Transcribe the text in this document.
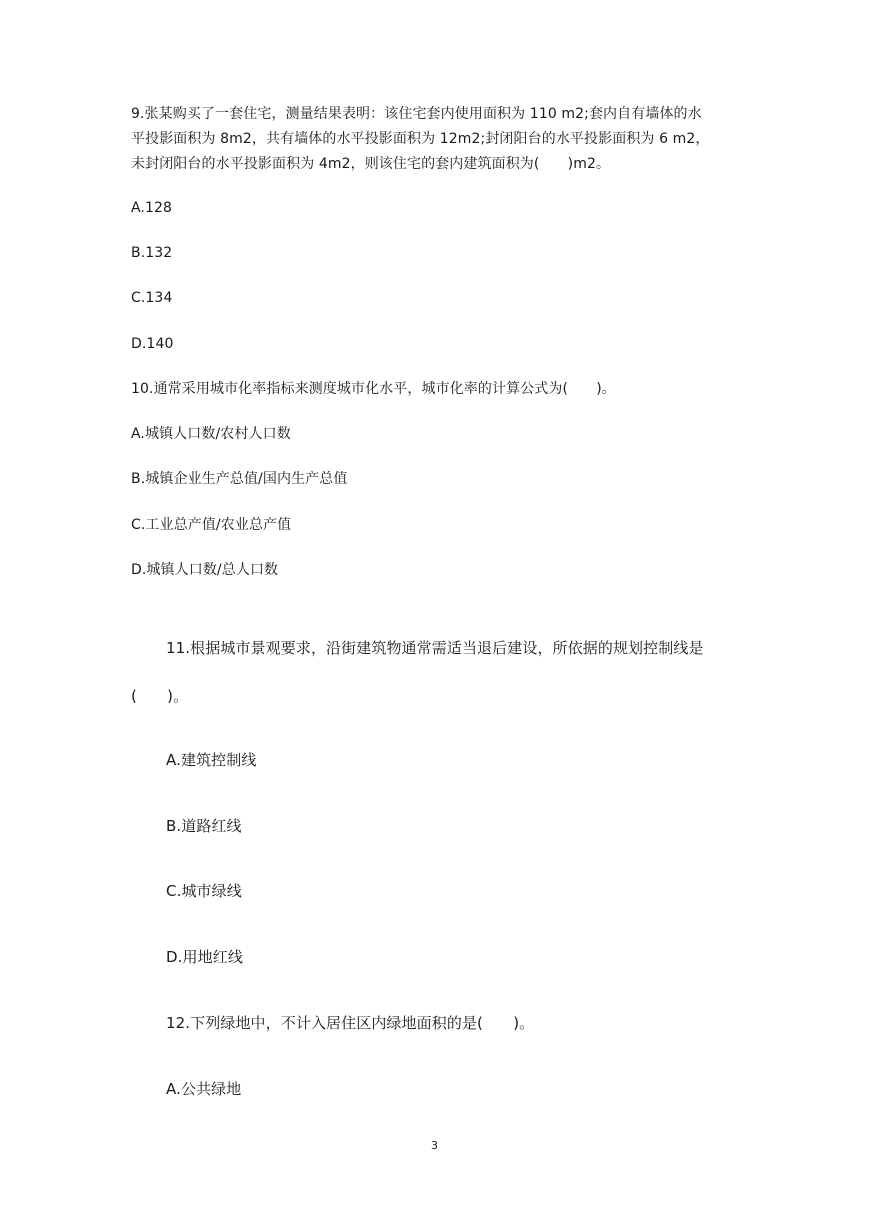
9.张某购买了一套住宅，测量结果表明：该住宅套内使用面积为 110 m2;套内自有墙体的水
平投影面积为 8m2，共有墙体的水平投影面积为 12m2;封闭阳台的水平投影面积为 6 m2，
未封闭阳台的水平投影面积为 4m2，则该住宅的套内建筑面积为(　　)m2。
A.128
B.132
C.134
D.140
10.通常采用城市化率指标来测度城市化水平，城市化率的计算公式为(　　)。
A.城镇人口数/农村人口数
B.城镇企业生产总值/国内生产总值
C.工业总产值/农业总产值
D.城镇人口数/总人口数
11.根据城市景观要求，沿街建筑物通常需适当退后建设，所依据的规划控制线是
(　　)。
A.建筑控制线
B.道路红线
C.城市绿线
D.用地红线
12.下列绿地中，不计入居住区内绿地面积的是(　　)。
A.公共绿地
3
